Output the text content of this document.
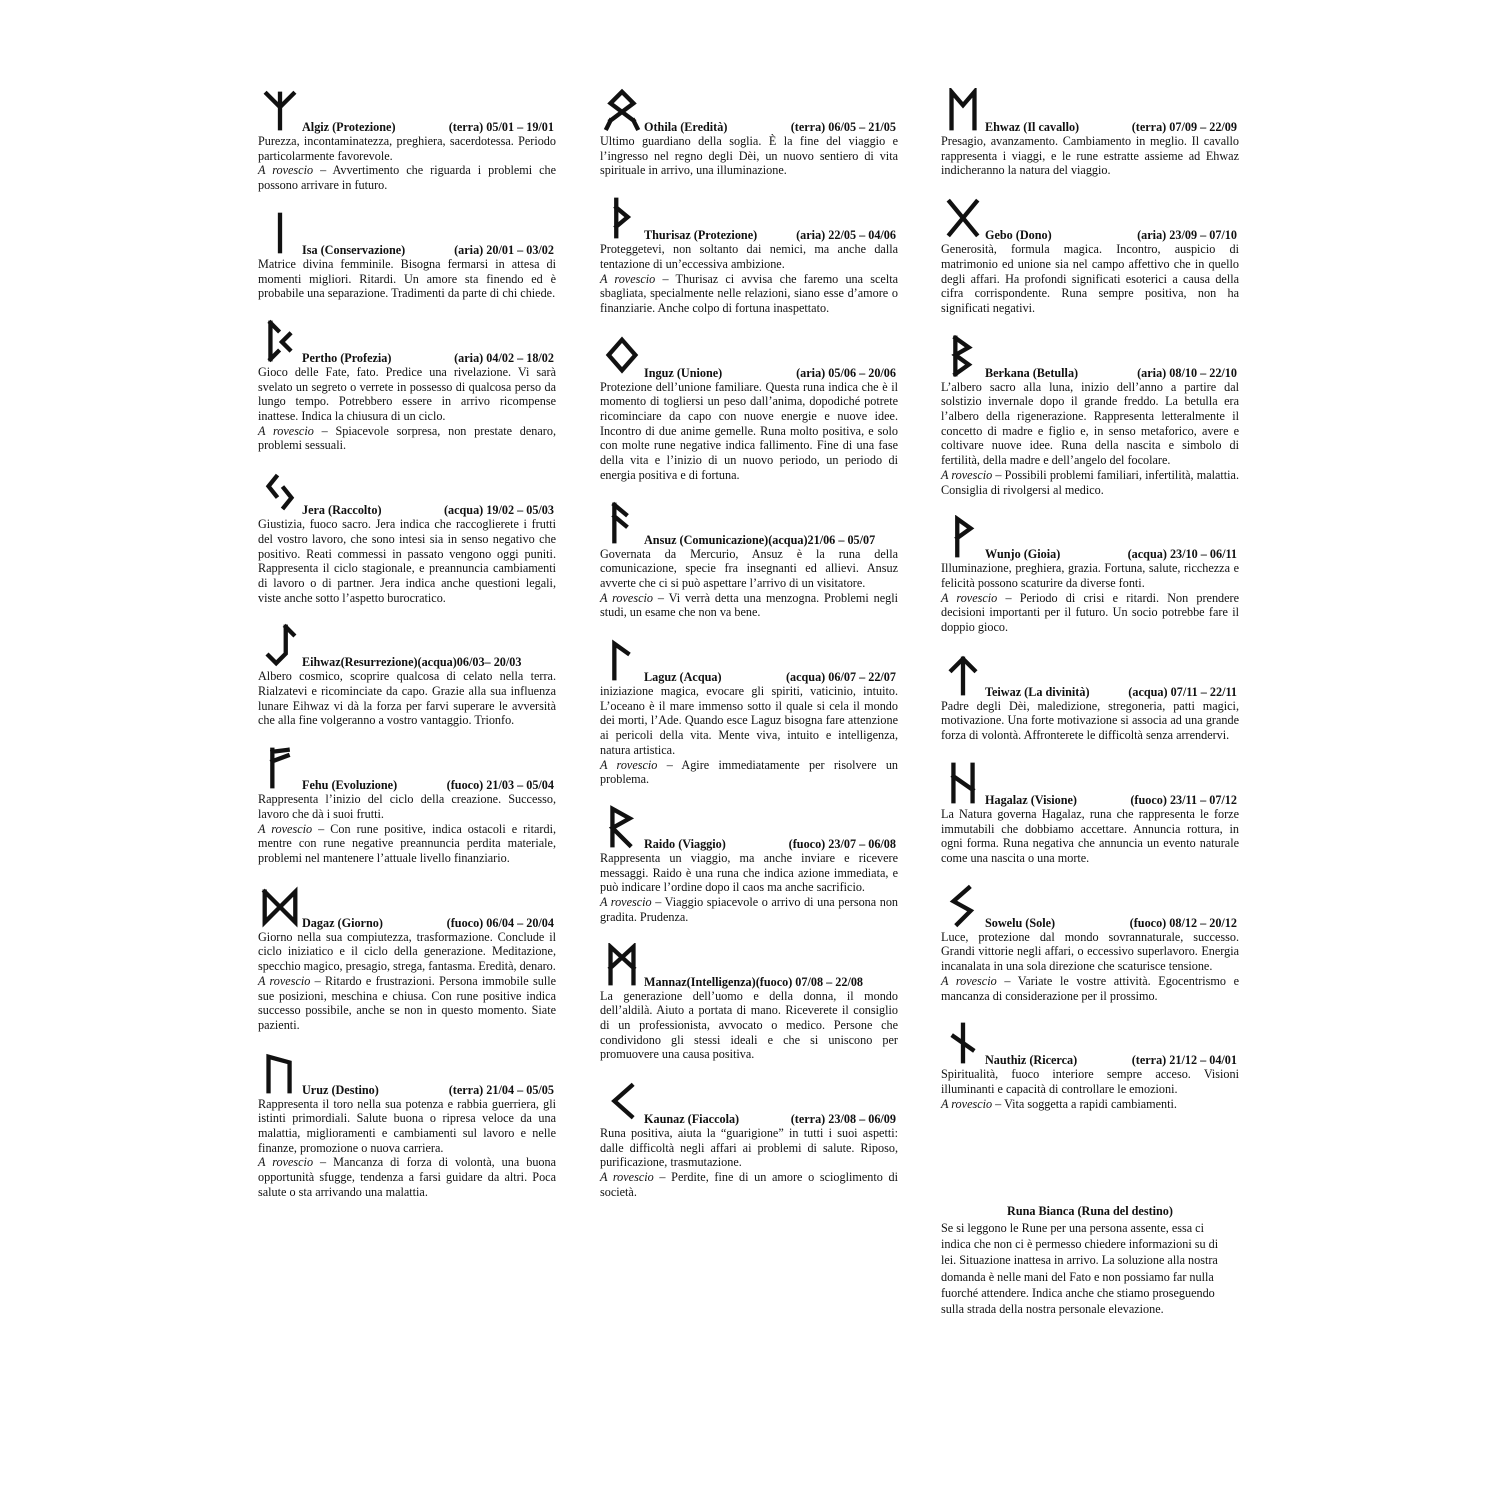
Algiz (Protezione)	(terra) 05/01 – 19/01

Purezza, incontaminatezza, preghiera, sacerdotessa. Periodo particolarmente favorevole.

A rovescio – Avvertimento che riguarda i problemi che possono arrivare in futuro.

Isa (Conservazione)	(aria) 20/01 – 03/02

Matrice divina femminile. Bisogna fermarsi in attesa di momenti migliori. Ritardi. Un amore sta finendo ed è probabile una separazione. Tradimenti da parte di chi chiede.

Pertho (Profezia)	(aria) 04/02 – 18/02

Gioco delle Fate, fato. Predice una rivelazione. Vi sarà svelato un segreto o verrete in possesso di qualcosa perso da lungo tempo. Potrebbero essere in arrivo ricompense inattese. Indica la chiusura di un ciclo.

A rovescio – Spiacevole sorpresa, non prestate denaro, problemi sessuali.

Jera (Raccolto)	(acqua) 19/02 – 05/03

Giustizia, fuoco sacro. Jera indica che raccoglierete i frutti del vostro lavoro, che sono intesi sia in senso negativo che positivo. Reati commessi in passato vengono oggi puniti. Rappresenta il ciclo stagionale, e preannuncia cambiamenti di lavoro o di partner. Jera indica anche questioni legali, viste anche sotto l’aspetto burocratico.

Eihwaz(Resurrezione)(acqua)06/03– 20/03

Albero cosmico, scoprire qualcosa di celato nella terra. Rialzatevi e ricominciate da capo. Grazie alla sua influenza lunare Eihwaz vi dà la forza per farvi superare le avversità che alla fine volgeranno a vostro vantaggio. Trionfo.

Fehu (Evoluzione)	(fuoco) 21/03 – 05/04

Rappresenta l’inizio del ciclo della creazione. Successo, lavoro che dà i suoi frutti.

A rovescio – Con rune positive, indica ostacoli e ritardi, mentre con rune negative preannuncia perdita materiale, problemi nel mantenere l’attuale livello finanziario.

Dagaz (Giorno)	(fuoco) 06/04 – 20/04

Giorno nella sua compiutezza, trasformazione. Conclude il ciclo iniziatico e il ciclo della generazione. Meditazione, specchio magico, presagio, strega, fantasma. Eredità, denaro.

A rovescio – Ritardo e frustrazioni. Persona immobile sulle sue posizioni, meschina e chiusa. Con rune positive indica successo possibile, anche se non in questo momento. Siate pazienti.

Uruz (Destino)	(terra) 21/04 – 05/05

Rappresenta il toro nella sua potenza e rabbia guerriera, gli istinti primordiali. Salute buona o ripresa veloce da una malattia, miglioramenti e cambiamenti sul lavoro e nelle finanze, promozione o nuova carriera.

A rovescio – Mancanza di forza di volontà, una buona opportunità sfugge, tendenza a farsi guidare da altri. Poca salute o sta arrivando una malattia.

Othila (Eredità)	(terra) 06/05 – 21/05

Ultimo guardiano della soglia. È la fine del viaggio e l’ingresso nel regno degli Dèi, un nuovo sentiero di vita spirituale in arrivo, una illuminazione.

Thurisaz (Protezione)	(aria) 22/05 – 04/06

Proteggetevi, non soltanto dai nemici, ma anche dalla tentazione di un’eccessiva ambizione.

A rovescio – Thurisaz ci avvisa che faremo una scelta sbagliata, specialmente nelle relazioni, siano esse d’amore o finanziarie. Anche colpo di fortuna inaspettato.

Inguz (Unione)	(aria) 05/06 – 20/06

Protezione dell’unione familiare. Questa runa indica che è il momento di togliersi un peso dall’anima, dopodiché potrete ricominciare da capo con nuove energie e nuove idee. Incontro di due anime gemelle. Runa molto positiva, e solo con molte rune negative indica fallimento. Fine di una fase della vita e l’inizio di un nuovo periodo, un periodo di energia positiva e di fortuna.

Ansuz (Comunicazione)(acqua)21/06 – 05/07

Governata da Mercurio, Ansuz è la runa della comunicazione, specie fra insegnanti ed allievi. Ansuz avverte che ci si può aspettare l’arrivo di un visitatore.

A rovescio – Vi verrà detta una menzogna. Problemi negli studi, un esame che non va bene.

Laguz (Acqua)	(acqua) 06/07 – 22/07

iniziazione magica, evocare gli spiriti, vaticinio, intuito. L’oceano è il mare immenso sotto il quale si cela il mondo dei morti, l’Ade. Quando esce Laguz bisogna fare attenzione ai pericoli della vita. Mente viva, intuito e intelligenza, natura artistica.

A rovescio – Agire immediatamente per risolvere un problema.

Raido (Viaggio)	(fuoco) 23/07 – 06/08

Rappresenta un viaggio, ma anche inviare e ricevere messaggi. Raido è una runa che indica azione immediata, e può indicare l’ordine dopo il caos ma anche sacrificio.

A rovescio – Viaggio spiacevole o arrivo di una persona non gradita. Prudenza.

Mannaz(Intelligenza)(fuoco) 07/08 – 22/08

La generazione dell’uomo e della donna, il mondo dell’aldilà. Aiuto a portata di mano. Riceverete il consiglio di un professionista, avvocato o medico. Persone che condividono gli stessi ideali e che si uniscono per promuovere una causa positiva.

Kaunaz (Fiaccola)	(terra) 23/08 – 06/09

Runa positiva, aiuta la “guarigione” in tutti i suoi aspetti: dalle difficoltà negli affari ai problemi di salute. Riposo, purificazione, trasmutazione.

A rovescio – Perdite, fine di un amore o scioglimento di società.

Ehwaz (Il cavallo)	(terra) 07/09 – 22/09

Presagio, avanzamento. Cambiamento in meglio. Il cavallo rappresenta i viaggi, e le rune estratte assieme ad Ehwaz indicheranno la natura del viaggio.

Gebo (Dono)	(aria) 23/09 – 07/10

Generosità, formula magica. Incontro, auspicio di matrimonio ed unione sia nel campo affettivo che in quello degli affari. Ha profondi significati esoterici a causa della cifra corrispondente. Runa sempre positiva, non ha significati negativi.

Berkana (Betulla)	(aria) 08/10 – 22/10

L’albero sacro alla luna, inizio dell’anno a partire dal solstizio invernale dopo il grande freddo. La betulla era l’albero della rigenerazione. Rappresenta letteralmente il concetto di madre e figlio e, in senso metaforico, avere e coltivare nuove idee. Runa della nascita e simbolo di fertilità, della madre e dell’angelo del focolare.

A rovescio – Possibili problemi familiari, infertilità, malattia. Consiglia di rivolgersi al medico.

Wunjo (Gioia)	(acqua) 23/10 – 06/11

Illuminazione, preghiera, grazia. Fortuna, salute, ricchezza e felicità possono scaturire da diverse fonti.

A rovescio – Periodo di crisi e ritardi. Non prendere decisioni importanti per il futuro. Un socio potrebbe fare il doppio gioco.

Teiwaz (La divinità)	(acqua) 07/11 – 22/11

Padre degli Dèi, maledizione, stregoneria, patti magici, motivazione. Una forte motivazione si associa ad una grande forza di volontà. Affronterete le difficoltà senza arrendervi.

Hagalaz (Visione)	(fuoco) 23/11 – 07/12

La Natura governa Hagalaz, runa che rappresenta le forze immutabili che dobbiamo accettare. Annuncia rottura, in ogni forma. Runa negativa che annuncia un evento naturale come una nascita o una morte.

Sowelu (Sole)	(fuoco) 08/12 – 20/12

Luce, protezione dal mondo sovrannaturale, successo. Grandi vittorie negli affari, o eccessivo superlavoro. Energia incanalata in una sola direzione che scaturisce tensione.

A rovescio – Variate le vostre attività. Egocentrismo e mancanza di considerazione per il prossimo.

Nauthiz (Ricerca)	(terra) 21/12 – 04/01

Spiritualità, fuoco interiore sempre acceso. Visioni illuminanti e capacità di controllare le emozioni.

A rovescio – Vita soggetta a rapidi cambiamenti.

Runa Bianca (Runa del destino)

Se si leggono le Rune per una persona assente, essa ci indica che non ci è permesso chiedere informazioni su di lei. Situazione inattesa in arrivo. La soluzione alla nostra domanda è nelle mani del Fato e non possiamo far nulla fuorché attendere. Indica anche che stiamo proseguendo sulla strada della nostra personale elevazione.
